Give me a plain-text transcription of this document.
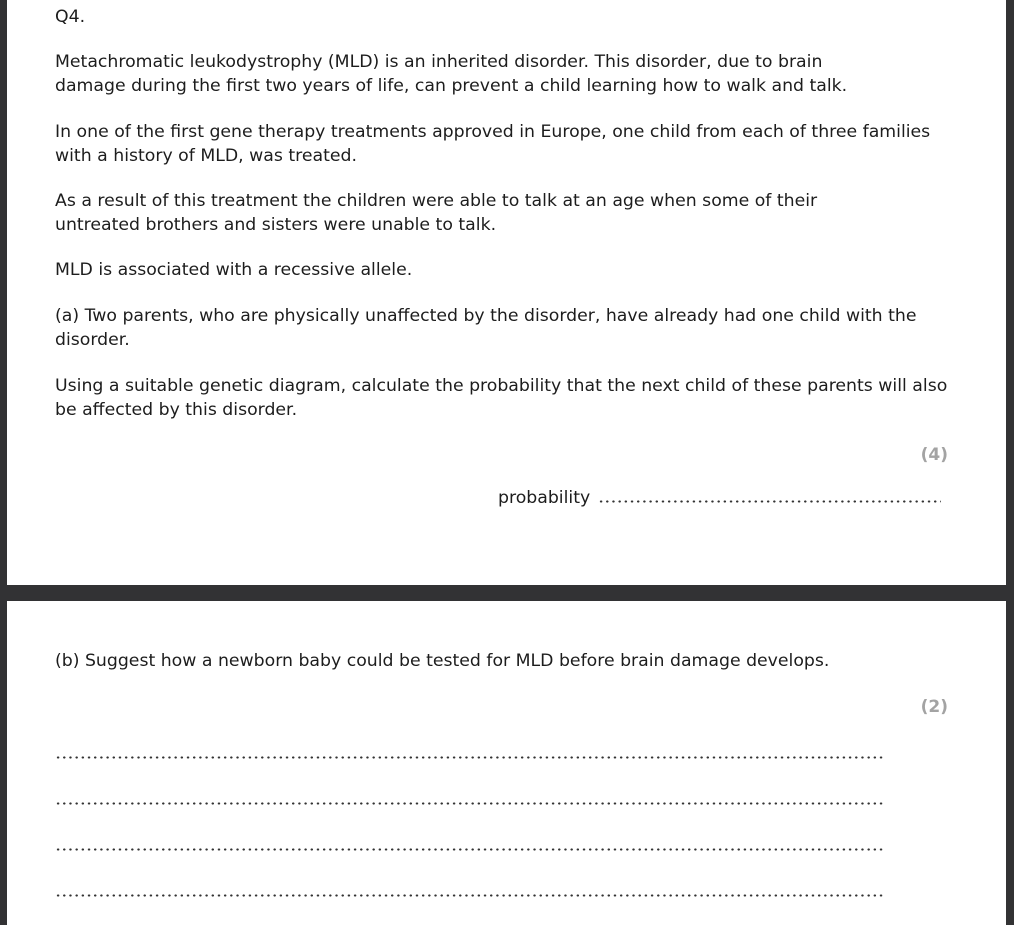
Q4.

Metachromatic leukodystrophy (MLD) is an inherited disorder. This disorder, due to brain damage during the first two years of life, can prevent a child learning how to walk and talk.

In one of the first gene therapy treatments approved in Europe, one child from each of three families with a history of MLD, was treated.

As a result of this treatment the children were able to talk at an age when some of their untreated brothers and sisters were unable to talk.

MLD is associated with a recessive allele.

(a) Two parents, who are physically unaffected by the disorder, have already had one child with the disorder.

Using a suitable genetic diagram, calculate the probability that the next child of these parents will also be affected by this disorder.

(4)
probability

(b) Suggest how a newborn baby could be tested for MLD before brain damage develops.

(2)
